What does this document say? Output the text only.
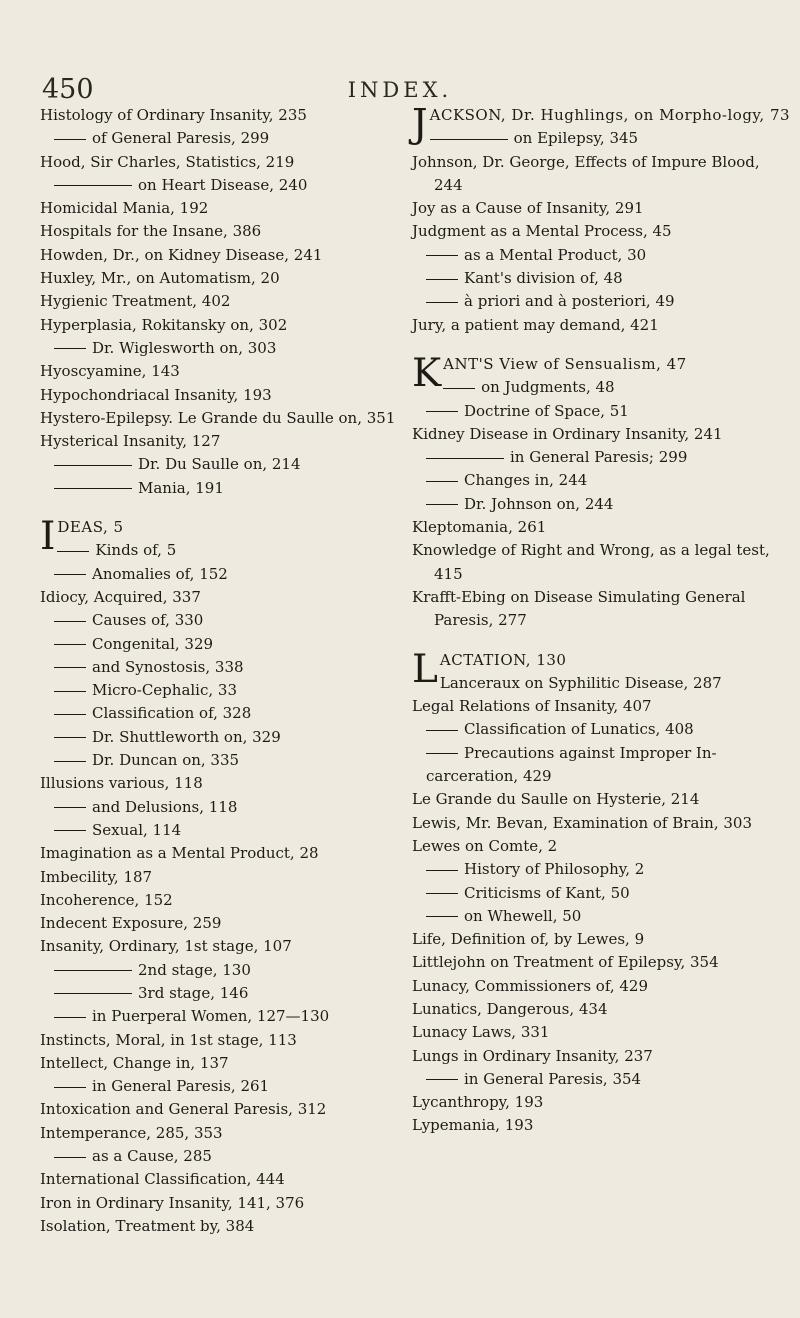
450	INDEX.
Histology of Ordinary Insanity, 235
of General Paresis, 299
Hood, Sir Charles, Statistics, 219
on Heart Disease, 240
Homicidal Mania, 192
Hospitals for the Insane, 386
Howden, Dr., on Kidney Disease, 241
Huxley, Mr., on Automatism, 20
Hygienic Treatment, 402
Hyperplasia, Rokitansky on, 302
Dr. Wiglesworth on, 303
Hyoscyamine, 143
Hypochondriacal Insanity, 193
Hystero-Epilepsy. Le Grande du Saulle on, 351
Hysterical Insanity, 127
Dr. Du Saulle on, 214
Mania, 191
IDEAS, 5
Kinds of, 5
Anomalies of, 152
Idiocy, Acquired, 337
Causes of, 330
Congenital, 329
and Synostosis, 338
Micro-Cephalic, 33
Classification of, 328
Dr. Shuttleworth on, 329
Dr. Duncan on, 335
Illusions various, 118
and Delusions, 118
Sexual, 114
Imagination as a Mental Product, 28
Imbecility, 187
Incoherence, 152
Indecent Exposure, 259
Insanity, Ordinary, 1st stage, 107
2nd stage, 130
3rd stage, 146
in Puerperal Women, 127—130
Instincts, Moral, in 1st stage, 113
Intellect, Change in, 137
in General Paresis, 261
Intoxication and General Paresis, 312
Intemperance, 285, 353
as a Cause, 285
International Classification, 444
Iron in Ordinary Insanity, 141, 376
Isolation, Treatment by, 384
JACKSON, Dr. Hughlings, on Morpho-logy, 73
on Epilepsy, 345
Johnson, Dr. George, Effects of Impure Blood, 244
Joy as a Cause of Insanity, 291
Judgment as a Mental Process, 45
as a Mental Product, 30
Kant's division of, 48
à priori and à posteriori, 49
Jury, a patient may demand, 421
KANT'S View of Sensualism, 47
on Judgments, 48
Doctrine of Space, 51
Kidney Disease in Ordinary Insanity, 241
in General Paresis; 299
Changes in, 244
Dr. Johnson on, 244
Kleptomania, 261
Knowledge of Right and Wrong, as a legal test, 415
Krafft-Ebing on Disease Simulating General Paresis, 277
LACTATION, 130
Lanceraux on Syphilitic Disease, 287
Legal Relations of Insanity, 407
Classification of Lunatics, 408
Precautions against Improper In-carceration, 429
Le Grande du Saulle on Hysterie, 214
Lewis, Mr. Bevan, Examination of Brain, 303
Lewes on Comte, 2
History of Philosophy, 2
Criticisms of Kant, 50
on Whewell, 50
Life, Definition of, by Lewes, 9
Littlejohn on Treatment of Epilepsy, 354
Lunacy, Commissioners of, 429
Lunatics, Dangerous, 434
Lunacy Laws, 331
Lungs in Ordinary Insanity, 237
in General Paresis, 354
Lycanthropy, 193
Lypemania, 193
